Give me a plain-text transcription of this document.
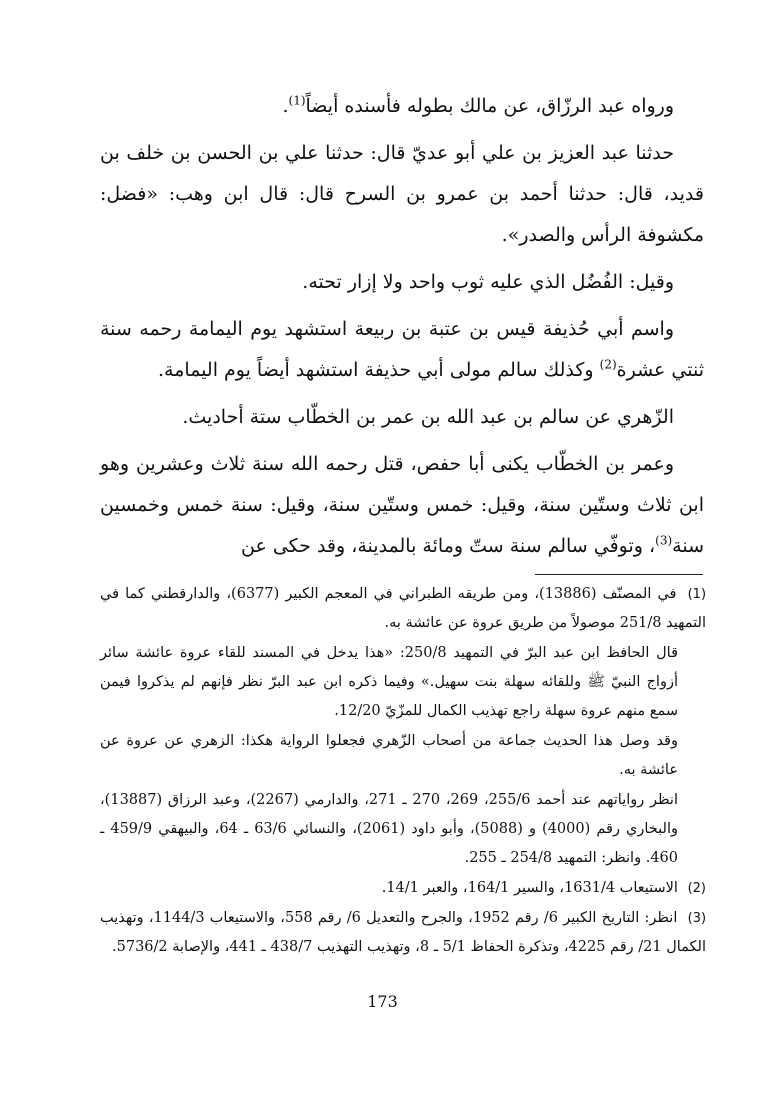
ورواه عبد الرزّاق، عن مالك بطوله فأسنده أيضاً$^{(1)}$.

حدثنا عبد العزيز بن علي أبو عديّ قال: حدثنا علي بن الحسن بن خلف بن قديد، قال: حدثنا أحمد بن عمرو بن السرح قال: قال ابن وهب: «فضل: مكشوفة الرأس والصدر».

وقيل: الفُضُل الذي عليه ثوب واحد ولا إزار تحته.

واسم أبي حُذيفة قيس بن عتبة بن ربيعة استشهد يوم اليمامة رحمه سنة ثنتي عشرة$^{(2)}$ وكذلك سالم مولى أبي حذيفة استشهد أيضاً يوم اليمامة.

الزّهري عن سالم بن عبد الله بن عمر بن الخطّاب ستة أحاديث.

وعمر بن الخطّاب يكنى أبا حفص، قتل رحمه الله سنة ثلاث وعشرين وهو ابن ثلاث وستّين سنة، وقيل: خمس وستّين سنة، وقيل: سنة خمس وخمسين سنة$^{(3)}$، وتوفّي سالم سنة ستّ ومائة بالمدينة، وقد حكى عن

(1) في المصنّف (13886)، ومن طريقه الطبراني في المعجم الكبير (6377)، والدارقطني كما في التمهيد 251/8 موصولاً من طريق عروة عن عائشة به.
قال الحافظ ابن عبد البرّ في التمهيد 250/8: «هذا يدخل في المسند للقاء عروة عائشة سائر أزواج النبيّ ﷺ وللقائه سهلة بنت سهيل.» وفيما ذكره ابن عبد البرّ نظر فإنهم لم يذكروا فيمن سمع منهم عروة سهلة راجع تهذيب الكمال للمزّيّ 12/20.
وقد وصل هذا الحديث جماعة من أصحاب الزّهري فجعلوا الرواية هكذا: الزهري عن عروة عن عائشة به.
انظر رواياتهم عند أحمد 255/6، 269، 270 ـ 271، والدارمي (2267)، وعبد الرزاق (13887)، والبخاري رقم (4000) و (5088)، وأبو داود (2061)، والنسائي 63/6 ـ 64، والبيهقي 459/9 ـ 460. وانظر: التمهيد 254/8 ـ 255.
(2) الاستيعاب 1631/4، والسير 164/1، والعبر 14/1.
(3) انظر: التاريخ الكبير 6/ رقم 1952، والجرح والتعديل 6/ رقم 558، والاستيعاب 1144/3، وتهذيب الكمال 21/ رقم 4225، وتذكرة الحفاظ 5/1 ـ 8، وتهذيب التهذيب 438/7 ـ 441، والإصابة 5736/2.
173
